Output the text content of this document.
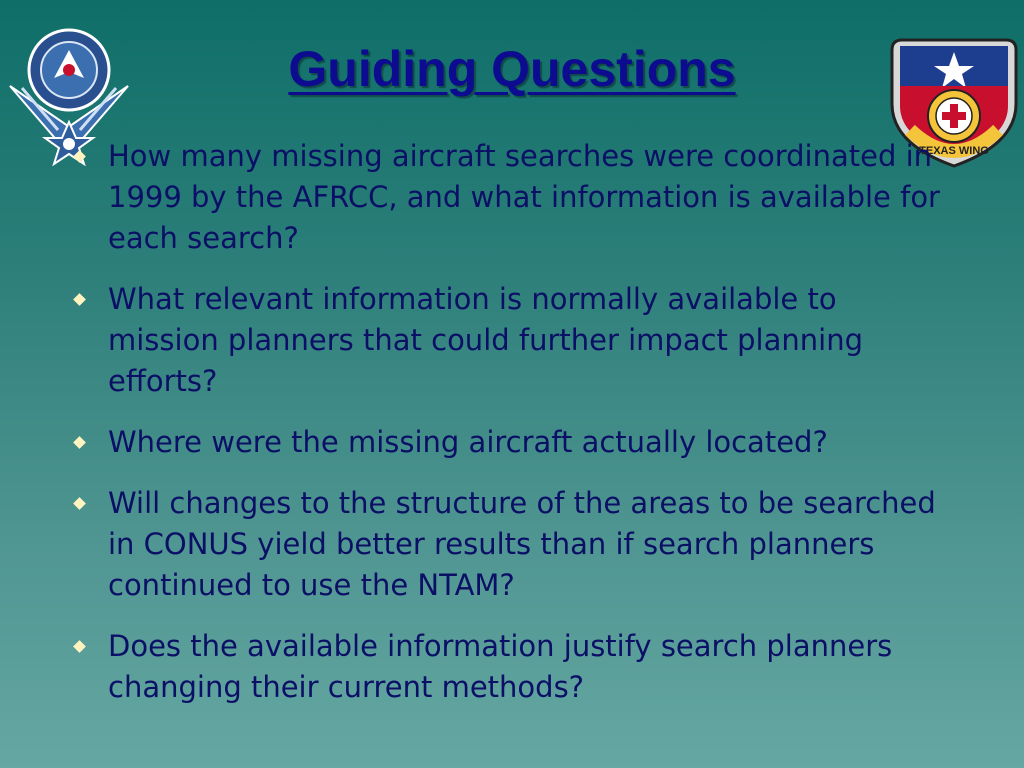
TEXAS WING
Guiding Questions
How many missing aircraft searches were coordinated in 1999 by the AFRCC, and what information is available for each search?
What relevant information is normally available to mission planners that could further impact planning efforts?
Where were the missing aircraft actually located?
Will changes to the structure of the areas to be searched in CONUS yield better results than if search planners continued to use the NTAM?
Does the available information justify search planners changing their current methods?
